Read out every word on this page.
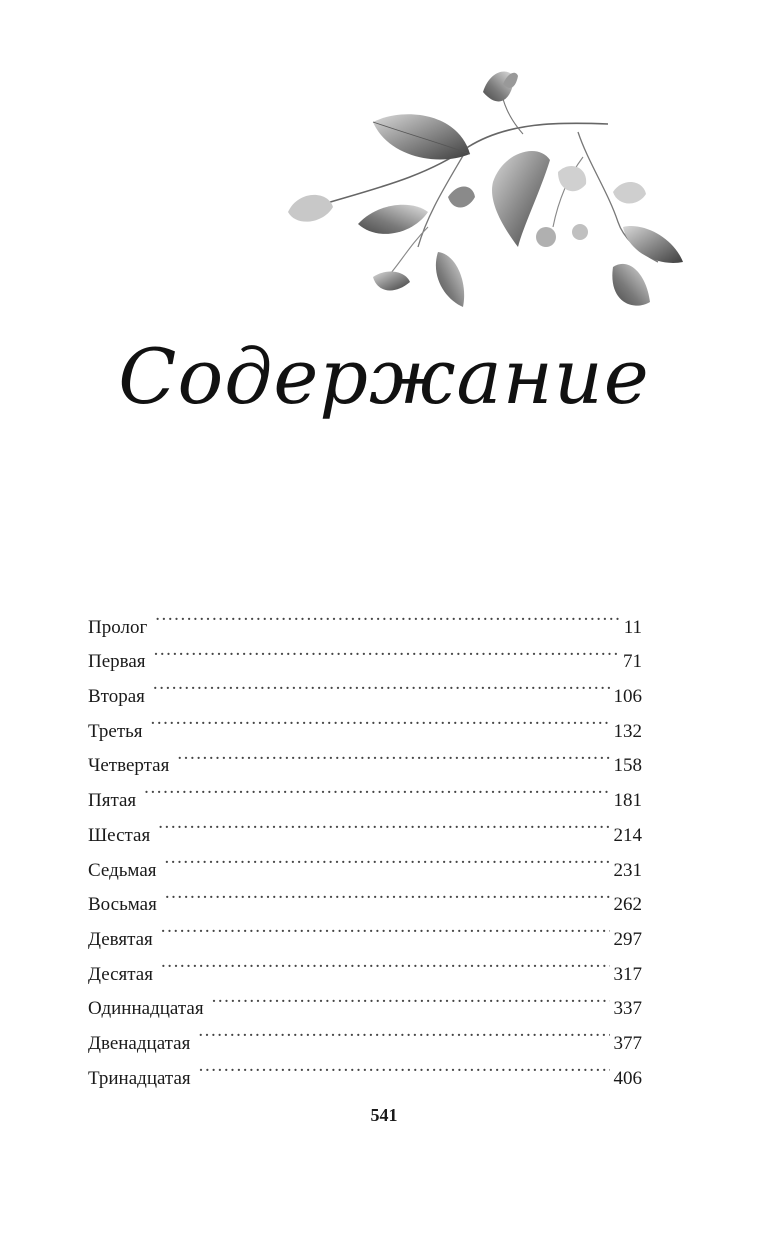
Содержание
Пролог . . .	11
Первая . . .	71
Вторая . . .	106
Третья . . .	132
Четвертая . . .	158
Пятая . . .	181
Шестая . . .	214
Седьмая . . .	231
Восьмая . . .	262
Девятая . . .	297
Десятая . . .	317
Одиннадцатая . . .	337
Двенадцатая . . .	377
Тринадцатая . . .	406
541
